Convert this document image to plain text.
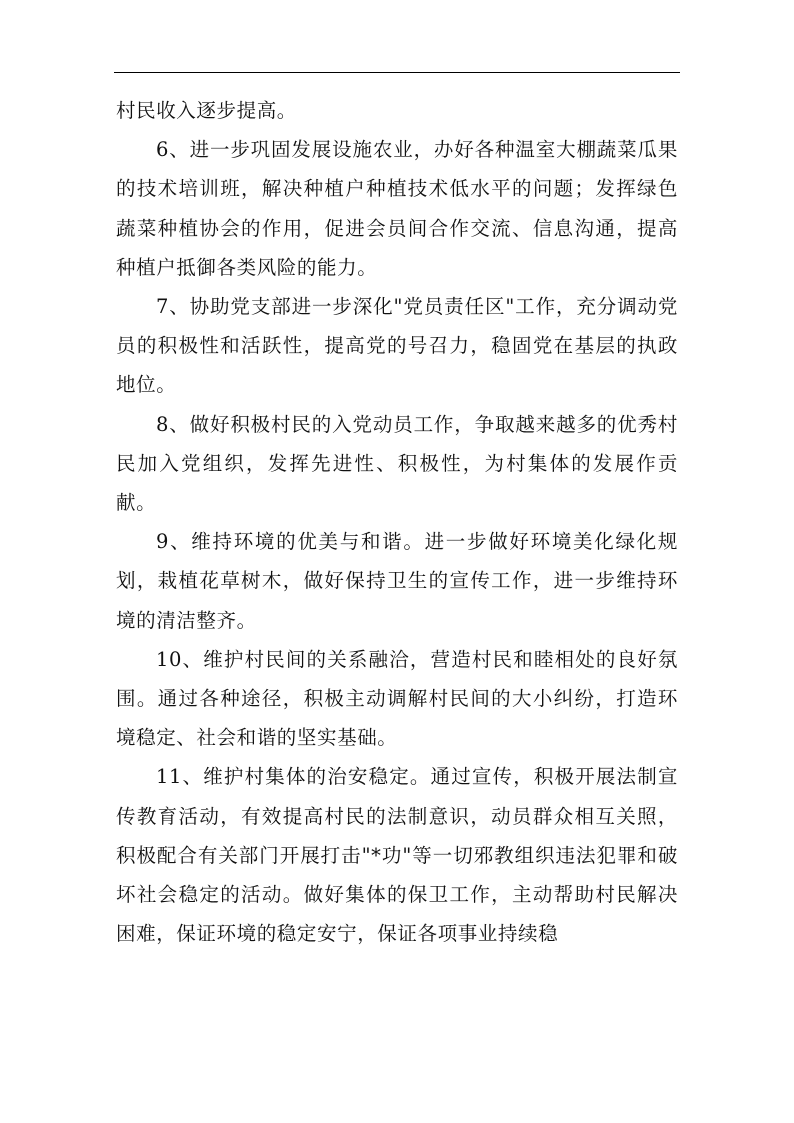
村民收入逐步提高。

6、进一步巩固发展设施农业，办好各种温室大棚蔬菜瓜果的技术培训班，解决种植户种植技术低水平的问题；发挥绿色蔬菜种植协会的作用，促进会员间合作交流、信息沟通，提高种植户抵御各类风险的能力。

7、协助党支部进一步深化"党员责任区"工作，充分调动党员的积极性和活跃性，提高党的号召力，稳固党在基层的执政地位。

8、做好积极村民的入党动员工作，争取越来越多的优秀村民加入党组织，发挥先进性、积极性，为村集体的发展作贡献。

9、维持环境的优美与和谐。进一步做好环境美化绿化规划，栽植花草树木，做好保持卫生的宣传工作，进一步维持环境的清洁整齐。

10、维护村民间的关系融洽，营造村民和睦相处的良好氛围。通过各种途径，积极主动调解村民间的大小纠纷，打造环境稳定、社会和谐的坚实基础。

11、维护村集体的治安稳定。通过宣传，积极开展法制宣传教育活动，有效提高村民的法制意识，动员群众相互关照，积极配合有关部门开展打击"*功"等一切邪教组织违法犯罪和破坏社会稳定的活动。做好集体的保卫工作，主动帮助村民解决困难，保证环境的稳定安宁，保证各项事业持续稳
